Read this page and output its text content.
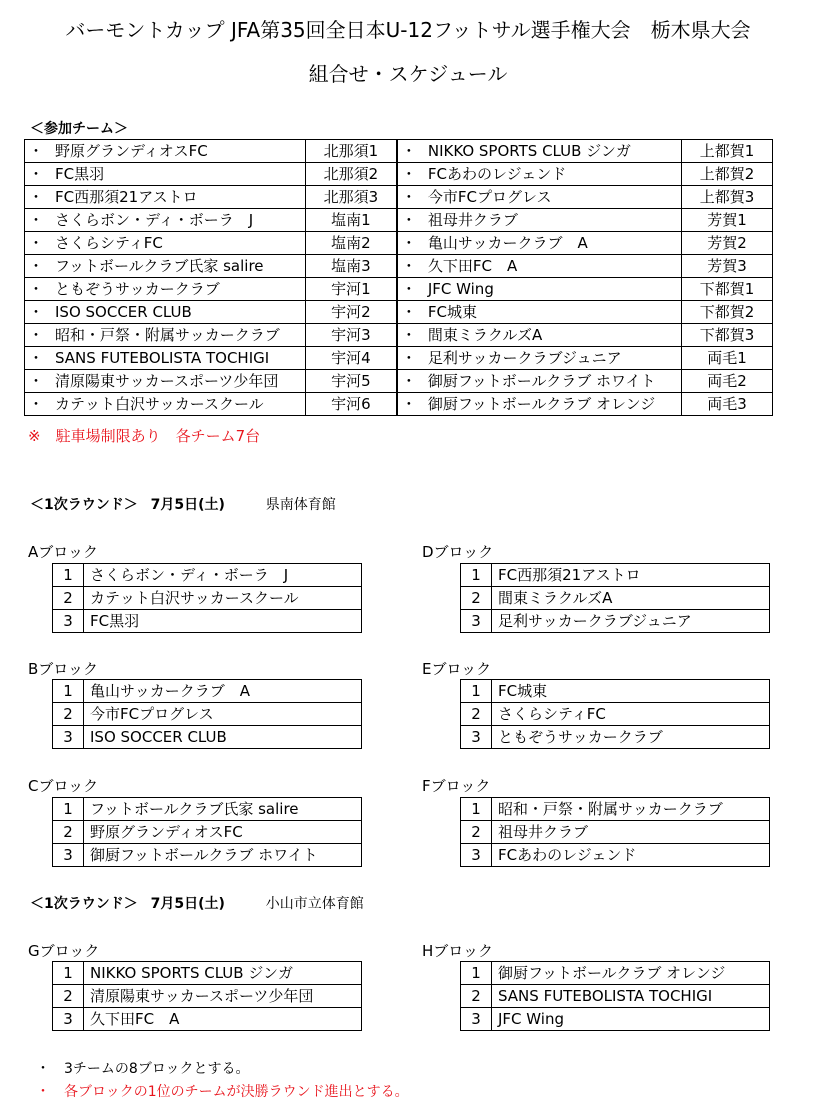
バーモントカップ JFA第35回全日本U-12フットサル選手権大会　栃木県大会
組合せ・スケジュール
＜参加チーム＞
・	野原グランディオスFC	北那須1	・	NIKKO SPORTS CLUB ジンガ	上都賀1
・	FC黒羽	北那須2	・	FCあわのレジェンド	上都賀2
・	FC西那須21アストロ	北那須3	・	今市FCプログレス	上都賀3
・	さくらボン・ディ・ボーラ　J	塩南1	・	祖母井クラブ	芳賀1
・	さくらシティFC	塩南2	・	亀山サッカークラブ　A	芳賀2
・	フットボールクラブ氏家 salire	塩南3	・	久下田FC　A	芳賀3
・	ともぞうサッカークラブ	宇河1	・	JFC Wing	下都賀1
・	ISO SOCCER CLUB	宇河2	・	FC城東	下都賀2
・	昭和・戸祭・附属サッカークラブ	宇河3	・	間東ミラクルズA	下都賀3
・	SANS FUTEBOLISTA TOCHIGI	宇河4	・	足利サッカークラブジュニア	両毛1
・	清原陽東サッカースポーツ少年団	宇河5	・	御厨フットボールクラブ ホワイト	両毛2
・	カテット白沢サッカースクール	宇河6	・	御厨フットボールクラブ オレンジ	両毛3
※　駐車場制限あり　各チーム7台
＜1次ラウンド＞ 7月5日(土)	県南体育館
Aブロック
1	さくらボン・ディ・ボーラ　J
2	カテット白沢サッカースクール
3	FC黒羽
Dブロック
1	FC西那須21アストロ
2	間東ミラクルズA
3	足利サッカークラブジュニア
Bブロック
1	亀山サッカークラブ　A
2	今市FCプログレス
3	ISO SOCCER CLUB
Eブロック
1	FC城東
2	さくらシティFC
3	ともぞうサッカークラブ
Cブロック
1	フットボールクラブ氏家 salire
2	野原グランディオスFC
3	御厨フットボールクラブ ホワイト
Fブロック
1	昭和・戸祭・附属サッカークラブ
2	祖母井クラブ
3	FCあわのレジェンド
＜1次ラウンド＞ 7月5日(土)	小山市立体育館
Gブロック
1	NIKKO SPORTS CLUB ジンガ
2	清原陽東サッカースポーツ少年団
3	久下田FC　A
Hブロック
1	御厨フットボールクラブ オレンジ
2	SANS FUTEBOLISTA TOCHIGI
3	JFC Wing
・　3チームの8ブロックとする。
・　各ブロックの1位のチームが決勝ラウンド進出とする。
